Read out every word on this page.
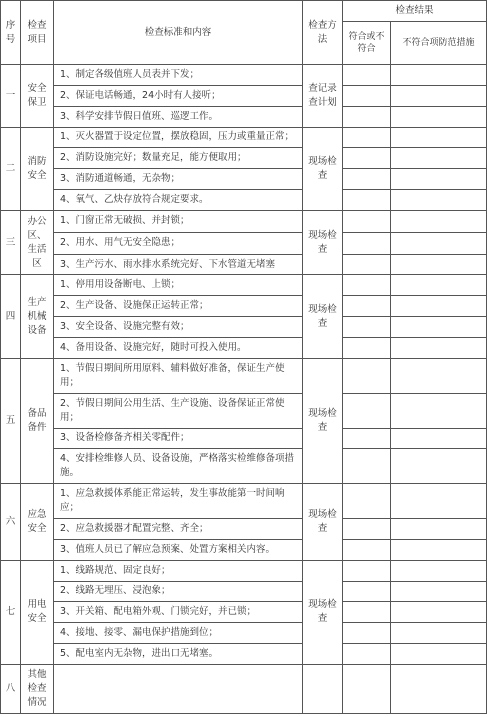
序号	检查项目	检查标准和内容	检查方法	检查结果	
				符合或不符合	不符合项防范措施
一	安全保卫	1、制定各级值班人员表并下发；	查记录查计划		
		2、保证电话畅通，24小时有人接听；			
		3、科学安排节假日值班、巡逻工作。			
二	消防安全	1、灭火器置于设定位置，摆放稳固，压力或重量正常；	现场检查		
		2、消防设施完好；数量充足，能方便取用；			
		3、消防通道畅通，无杂物；			
		4、氧气、乙炔存放符合规定要求。			
三	办公区、生活区	1、门窗正常无破损、并封锁；	现场检查		
		2、用水、用气无安全隐患；			
		3、生产污水、雨水排水系统完好、下水管道无堵塞			
四	生产机械设备	1、停用用设备断电、上锁；	现场检查		
		2、生产设备、设施保正运转正常；			
		3、安全设备、设施完整有效；			
		4、备用设备、设施完好，随时可投入使用。			
五	备品备件	1、节假日期间所用原料、辅料做好准备，保证生产使用；	现场检查		
		2、节假日期间公用生活、生产设施、设备保证正常使用；			
		3、设备检修备齐相关零配件；			
		4、安排检维修人员、设备设施，严格落实检维修备项措施。			
六	应急安全	1、应急救援体系能正常运转，发生事故能第一时间响应；	现场检查		
		2、应急救援器才配置完整、齐全；			
		3、值班人员已了解应急预案、处置方案相关内容。			
七	用电安全	1、线路规范、固定良好；	现场检查		
		2、线路无埋压、浸泡象；			
		3、开关箱、配电箱外观、门锁完好，并已锁；			
		4、接地、接零、漏电保护措施到位；			
		5、配电室内无杂物，进出口无堵塞。			
八	其他检查情况				
